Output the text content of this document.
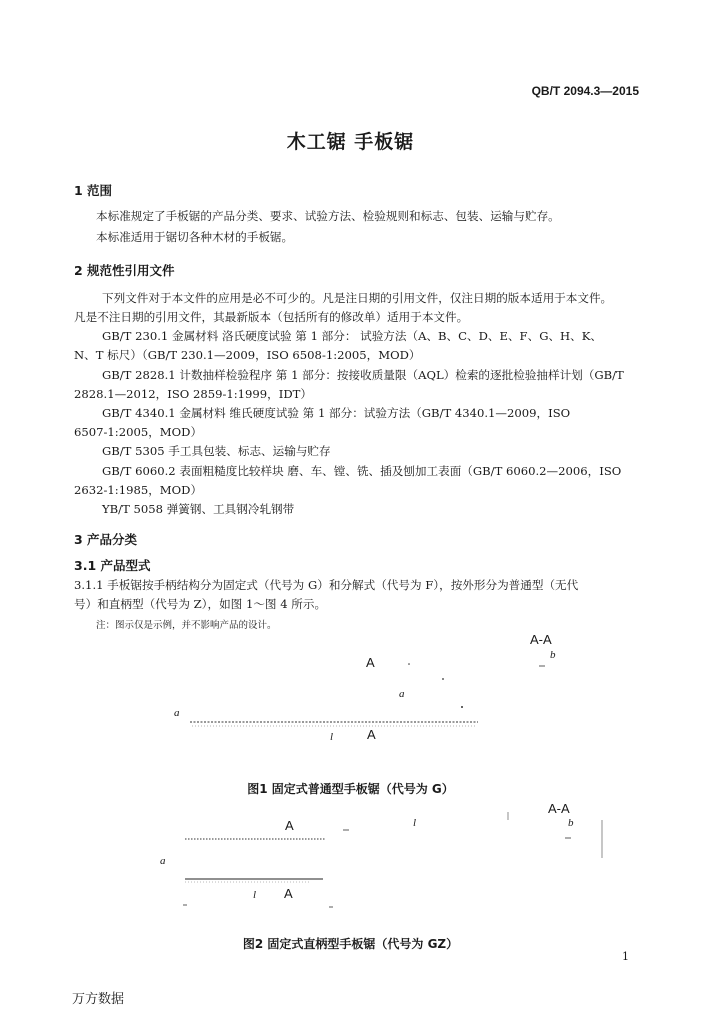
QB/T 2094.3—2015
木工锯 手板锯
1 范围
本标准规定了手板锯的产品分类、要求、试验方法、检验规则和标志、包装、运输与贮存。
本标准适用于锯切各种木材的手板锯。
2 规范性引用文件
下列文件对于本文件的应用是必不可少的。凡是注日期的引用文件，仅注日期的版本适用于本文件。
凡是不注日期的引用文件，其最新版本（包括所有的修改单）适用于本文件。
GB/T 230.1 金属材料 洛氏硬度试验 第 1 部分： 试验方法（A、B、C、D、E、F、G、H、K、
N、T 标尺）（GB/T 230.1—2009，ISO 6508-1:2005，MOD）
GB/T 2828.1 计数抽样检验程序 第 1 部分：按接收质量限（AQL）检索的逐批检验抽样计划（GB/T
2828.1—2012，ISO 2859-1:1999，IDT）
GB/T 4340.1 金属材料 维氏硬度试验 第 1 部分：试验方法（GB/T 4340.1—2009，ISO
6507-1:2005，MOD）
GB/T 5305 手工具包装、标志、运输与贮存
GB/T 6060.2 表面粗糙度比较样块 磨、车、镗、铣、插及刨加工表面（GB/T 6060.2—2006，ISO
2632-1:1985，MOD）
YB/T 5058 弹簧钢、工具钢冷轧钢带
3 产品分类
3.1 产品型式
3.1.1 手板锯按手柄结构分为固定式（代号为 G）和分解式（代号为 F），按外形分为普通型（无代
号）和直柄型（代号为 Z），如图 1～图 4 所示。
注：图示仅是示例，并不影响产品的设计。
A-A
b
A
a
a
l	A
图1 固定式普通型手板锯（代号为 G）
A-A
b
A	l
a
l A
图2 固定式直柄型手板锯（代号为 GZ）
1
万方数据
